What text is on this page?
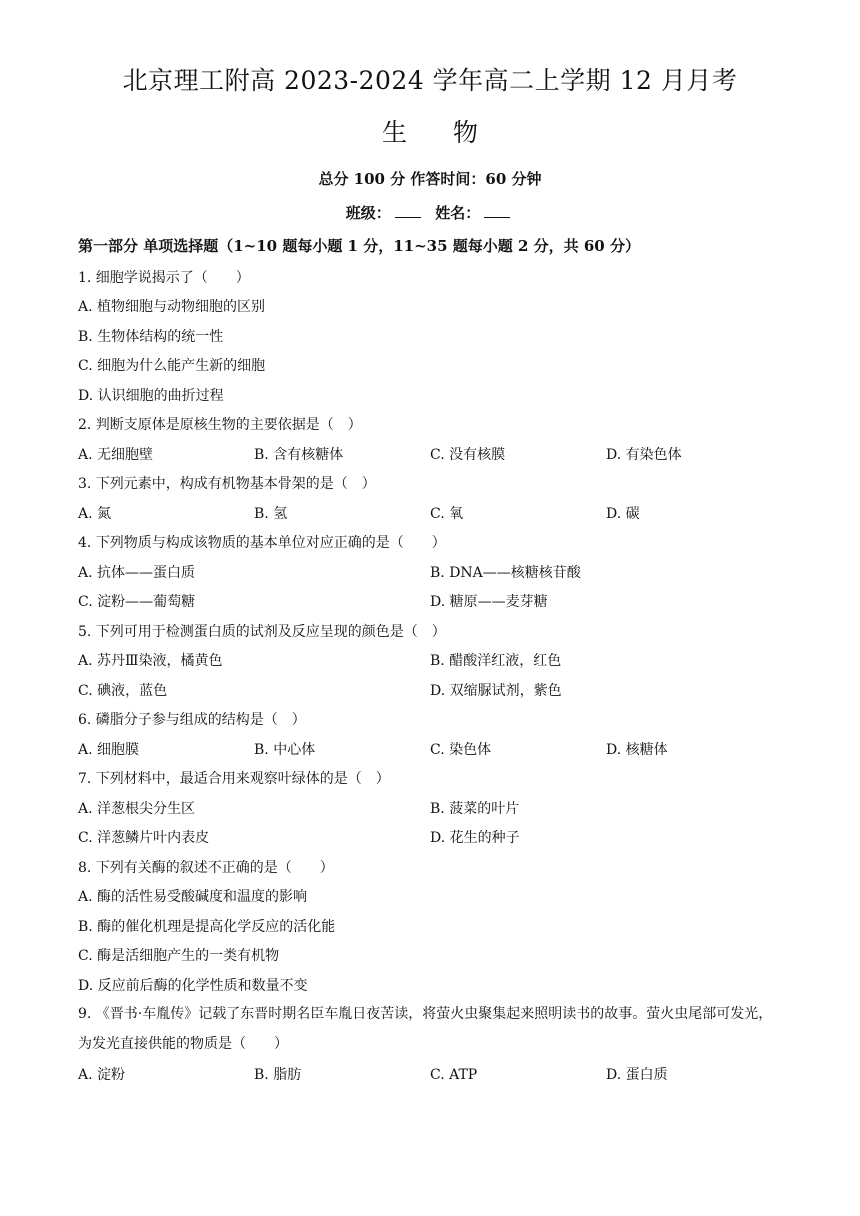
北京理工附高 2023-2024 学年高二上学期 12 月月考
生物
总分 100 分 作答时间：60 分钟
班级：	姓名：
第一部分 单项选择题（1~10 题每小题 1 分，11~35 题每小题 2 分，共 60 分）
1. 细胞学说揭示了（　　）
A. 植物细胞与动物细胞的区别
B. 生物体结构的统一性
C. 细胞为什么能产生新的细胞
D. 认识细胞的曲折过程
2. 判断支原体是原核生物的主要依据是（　）
A. 无细胞壁	B. 含有核糖体	C. 没有核膜	D. 有染色体
3. 下列元素中，构成有机物基本骨架的是（　）
A. 氮	B. 氢	C. 氧	D. 碳
4. 下列物质与构成该物质的基本单位对应正确的是（　　）
A. 抗体——蛋白质	B. DNA——核糖核苷酸
C. 淀粉——葡萄糖	D. 糖原——麦芽糖
5. 下列可用于检测蛋白质的试剂及反应呈现的颜色是（　）
A. 苏丹Ⅲ染液，橘黄色	B. 醋酸洋红液，红色
C. 碘液，蓝色	D. 双缩脲试剂，紫色
6. 磷脂分子参与组成的结构是（　）
A. 细胞膜	B. 中心体	C. 染色体	D. 核糖体
7. 下列材料中，最适合用来观察叶绿体的是（　）
A. 洋葱根尖分生区	B. 菠菜的叶片
C. 洋葱鳞片叶内表皮	D. 花生的种子
8. 下列有关酶的叙述不正确的是（　　）
A. 酶的活性易受酸碱度和温度的影响
B. 酶的催化机理是提高化学反应的活化能
C. 酶是活细胞产生的一类有机物
D. 反应前后酶的化学性质和数量不变
9. 《晋书·车胤传》记载了东晋时期名臣车胤日夜苦读，将萤火虫聚集起来照明读书的故事。萤火虫尾部可发光，为发光直接供能的物质是（　　）
A. 淀粉	B. 脂肪	C. ATP	D. 蛋白质
